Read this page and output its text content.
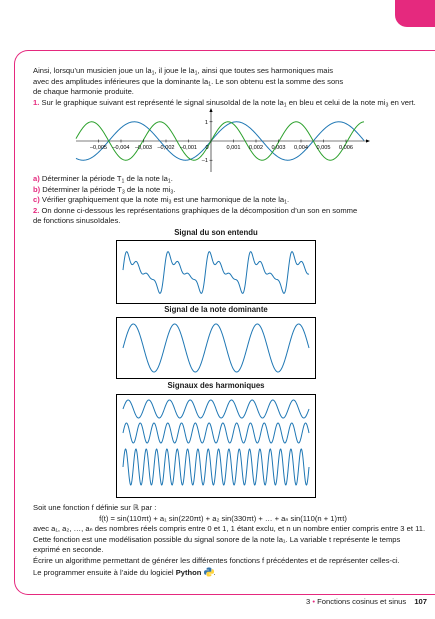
Ainsi, lorsqu’un musicien joue un $la_1$, il joue le $la_1$, ainsi que toutes ses harmoniques mais
avec des amplitudes inférieures que la dominante $la_1$. Le son obtenu est la somme des sons
de chaque harmonie produite.
1. Sur le graphique suivant est représenté le signal sinusoïdal de la note $la_1$ en bleu et celui de la note $mi_3$ en vert.
–0,005 –0,004 –0,003 –0,002 –0,001 0	0,001 0,002 0,003 0,004 0,005 0,006
1
–1
a) Déterminer la période $T_1$ de la note $la_1$.
b) Déterminer la période $T_3$ de la note $mi_3$.
c) Vérifier graphiquement que la note $mi_3$ est une harmonique de la note $la_1$.
2. On donne ci-dessous les représentations graphiques de la décomposition d’un son en somme
de fonctions sinusoïdales.
Signal du son entendu
Signal de la note dominante
Signaux des harmoniques
Soit une fonction f définie sur ℝ par :
f(t) = sin(110πt) + a₁ sin(220πt) + a₂ sin(330πt) + … + aₙ sin(110(n + 1)πt)
avec a₁, a₂, …, aₙ des nombres réels compris entre 0 et 1, 1 étant exclu, et n un nombre entier compris entre 3 et 11.
Cette fonction est une modélisation possible du signal sonore de la note la₁. La variable t représente le temps
exprimé en seconde.
Écrire un algorithme permettant de générer les différentes fonctions f précédentes et de représenter celles-ci.
Le programmer ensuite à l’aide du logiciel Python .
3 • Fonctions cosinus et sinus 107
